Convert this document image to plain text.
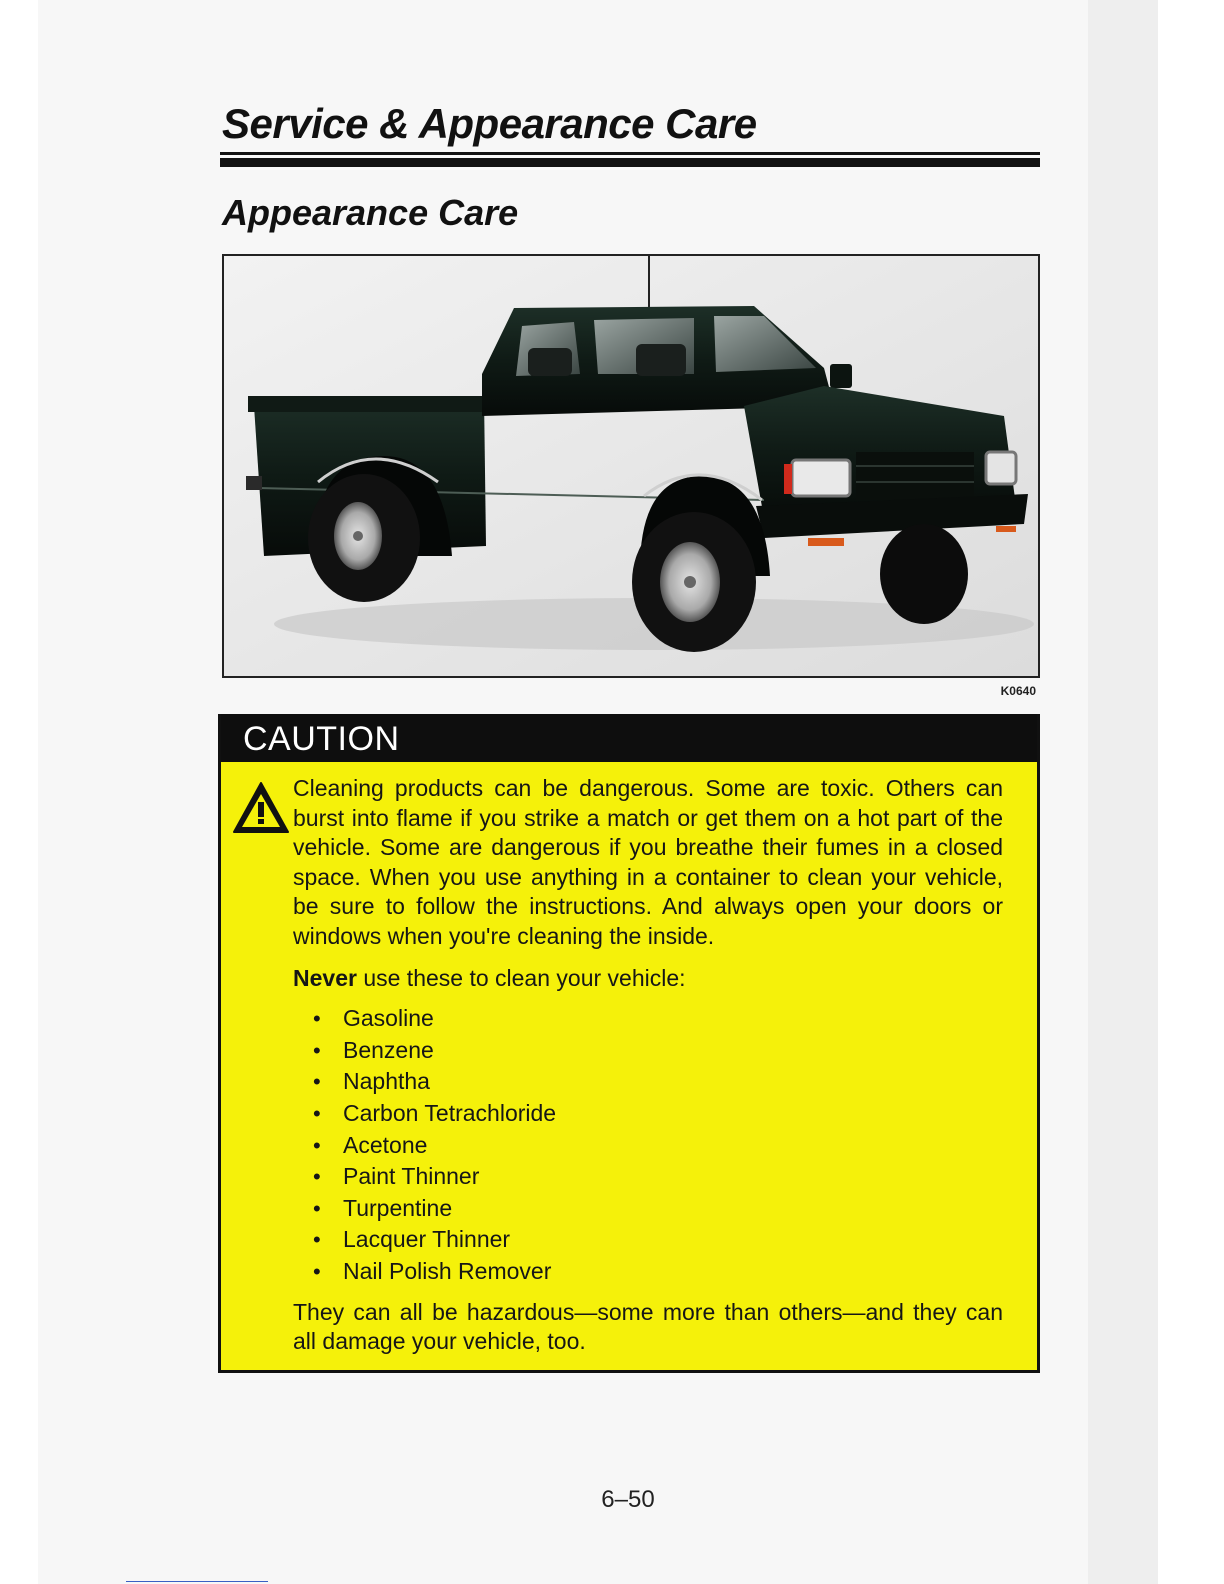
Service & Appearance Care
Appearance Care
K0640
CAUTION

Cleaning products can be dangerous. Some are toxic. Others can burst into flame if you strike a match or get them on a hot part of the vehicle. Some are dangerous if you breathe their fumes in a closed space. When you use anything in a container to clean your vehicle, be sure to follow the instructions. And always open your doors or windows when you're cleaning the inside.

Never use these to clean your vehicle:

• Gasoline
• Benzene
• Naphtha
• Carbon Tetrachloride
• Acetone
• Paint Thinner
• Turpentine
• Lacquer Thinner
• Nail Polish Remover

They can all be hazardous—some more than others—and they can all damage your vehicle, too.

6–50
